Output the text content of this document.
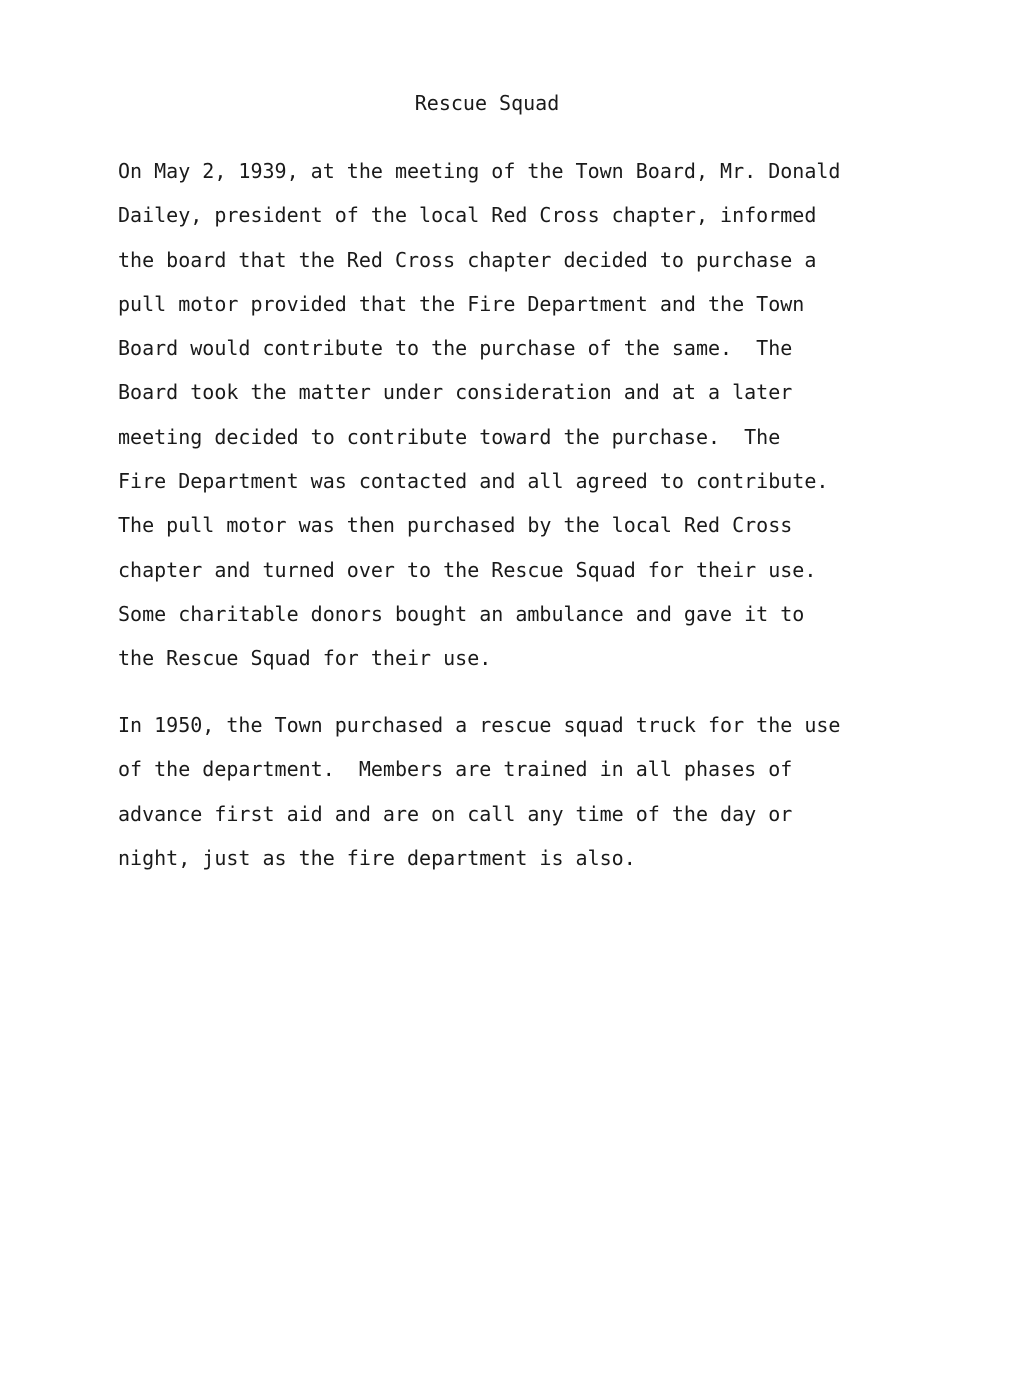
Rescue Squad

On May 2, 1939, at the meeting of the Town Board, Mr. Donald
Dailey, president of the local Red Cross chapter, informed
the board that the Red Cross chapter decided to purchase a
pull motor provided that the Fire Department and the Town
Board would contribute to the purchase of the same.  The
Board took the matter under consideration and at a later
meeting decided to contribute toward the purchase.  The
Fire Department was contacted and all agreed to contribute.
The pull motor was then purchased by the local Red Cross
chapter and turned over to the Rescue Squad for their use.
Some charitable donors bought an ambulance and gave it to
the Rescue Squad for their use.

In 1950, the Town purchased a rescue squad truck for the use
of the department.  Members are trained in all phases of
advance first aid and are on call any time of the day or
night, just as the fire department is also.
